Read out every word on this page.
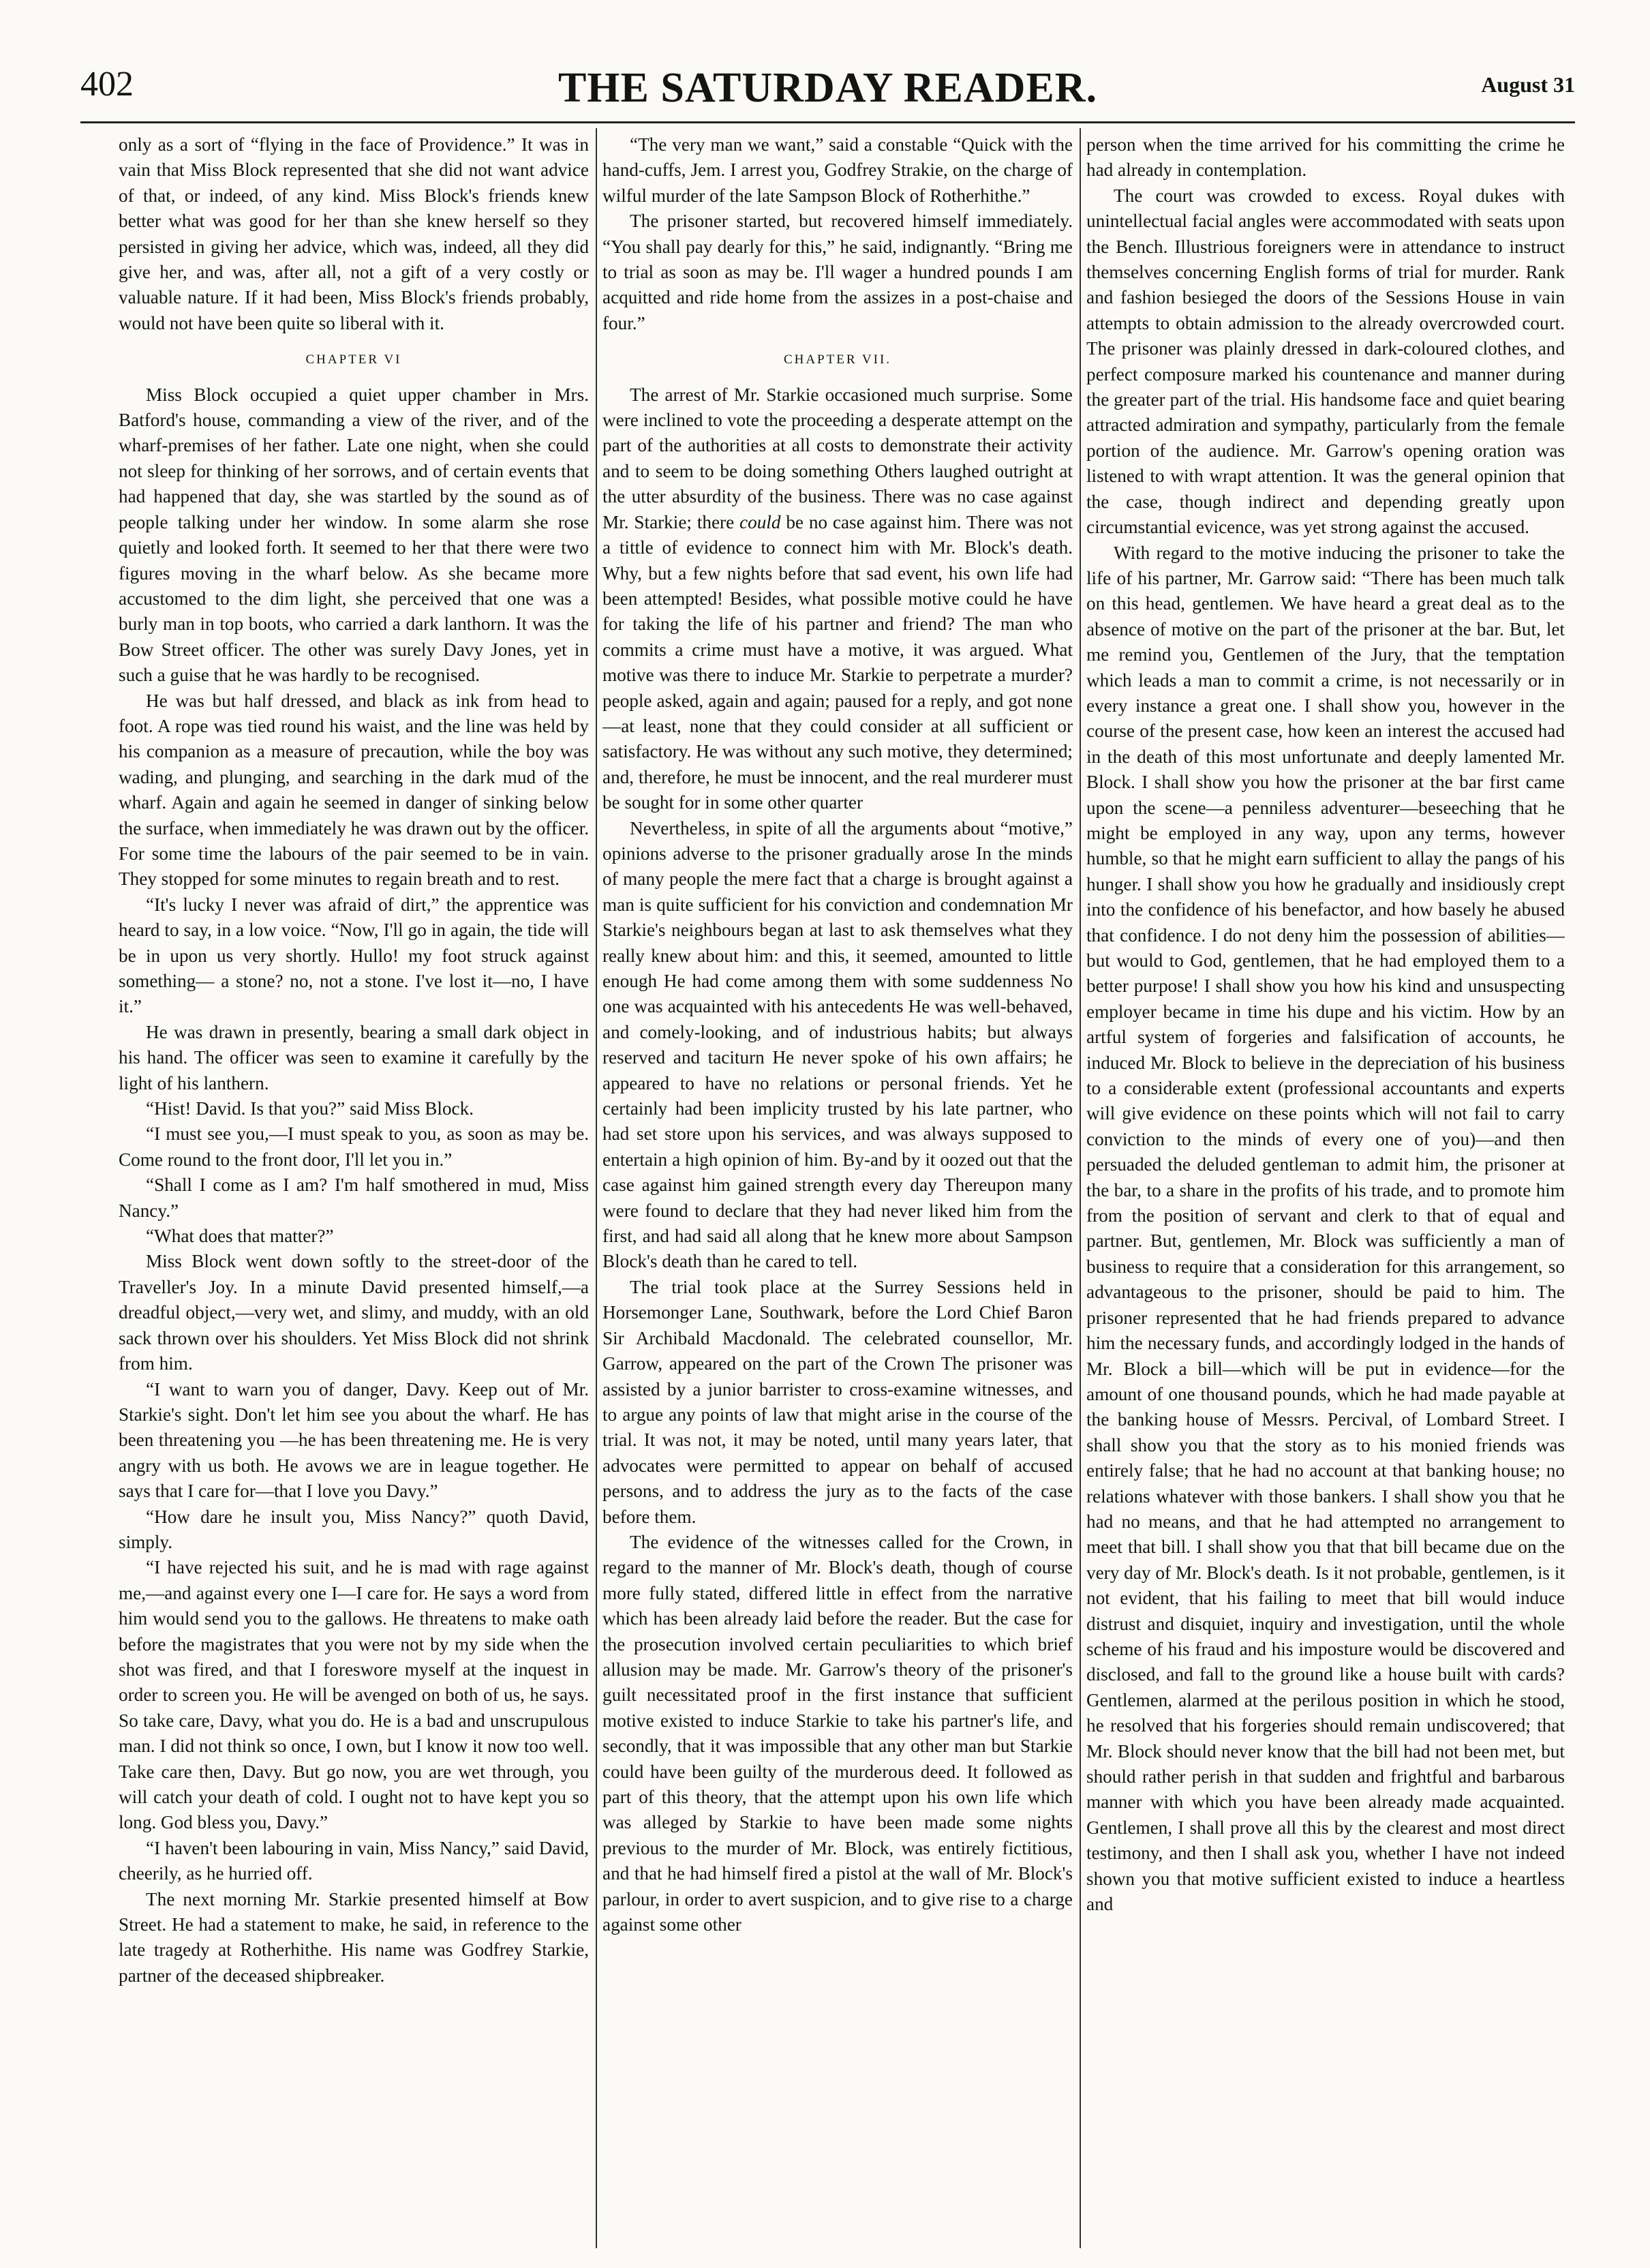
402	THE SATURDAY READER.	August 31

only as a sort of “flying in the face of Providence.” It was in vain that Miss Block represented that she did not want advice of that, or indeed, of any kind. Miss Block's friends knew better what was good for her than she knew herself so they persisted in giving her advice, which was, indeed, all they did give her, and was, after all, not a gift of a very costly or valuable nature. If it had been, Miss Block's friends probably, would not have been quite so liberal with it.

CHAPTER VI

Miss Block occupied a quiet upper chamber in Mrs. Batford's house, commanding a view of the river, and of the wharf-premises of her father. Late one night, when she could not sleep for thinking of her sorrows, and of certain events that had happened that day, she was startled by the sound as of people talking under her window. In some alarm she rose quietly and looked forth. It seemed to her that there were two figures moving in the wharf below. As she became more accustomed to the dim light, she perceived that one was a burly man in top boots, who carried a dark lanthorn. It was the Bow Street officer. The other was surely Davy Jones, yet in such a guise that he was hardly to be recognised.

He was but half dressed, and black as ink from head to foot. A rope was tied round his waist, and the line was held by his companion as a measure of precaution, while the boy was wading, and plunging, and searching in the dark mud of the wharf. Again and again he seemed in danger of sinking below the surface, when immediately he was drawn out by the officer. For some time the labours of the pair seemed to be in vain. They stopped for some minutes to regain breath and to rest.

“It's lucky I never was afraid of dirt,” the apprentice was heard to say, in a low voice. “Now, I'll go in again, the tide will be in upon us very shortly. Hullo! my foot struck against something— a stone? no, not a stone. I've lost it—no, I have it.”

He was drawn in presently, bearing a small dark object in his hand. The officer was seen to examine it carefully by the light of his lanthern.

“Hist! David. Is that you?” said Miss Block.

“I must see you,—I must speak to you, as soon as may be. Come round to the front door, I'll let you in.”

“Shall I come as I am? I'm half smothered in mud, Miss Nancy.”

“What does that matter?”

Miss Block went down softly to the street-door of the Traveller's Joy. In a minute David presented himself,—a dreadful object,—very wet, and slimy, and muddy, with an old sack thrown over his shoulders. Yet Miss Block did not shrink from him.

“I want to warn you of danger, Davy. Keep out of Mr. Starkie's sight. Don't let him see you about the wharf. He has been threatening you —he has been threatening me. He is very angry with us both. He avows we are in league together. He says that I care for—that I love you Davy.”

“How dare he insult you, Miss Nancy?” quoth David, simply.

“I have rejected his suit, and he is mad with rage against me,—and against every one I—I care for. He says a word from him would send you to the gallows. He threatens to make oath before the magistrates that you were not by my side when the shot was fired, and that I foreswore myself at the inquest in order to screen you. He will be avenged on both of us, he says. So take care, Davy, what you do. He is a bad and unscrupulous man. I did not think so once, I own, but I know it now too well. Take care then, Davy. But go now, you are wet through, you will catch your death of cold. I ought not to have kept you so long. God bless you, Davy.”

“I haven't been labouring in vain, Miss Nancy,” said David, cheerily, as he hurried off.

The next morning Mr. Starkie presented himself at Bow Street. He had a statement to make, he said, in reference to the late tragedy at Rotherhithe. His name was Godfrey Starkie, partner of the deceased shipbreaker.

“The very man we want,” said a constable “Quick with the hand-cuffs, Jem. I arrest you, Godfrey Strakie, on the charge of wilful murder of the late Sampson Block of Rotherhithe.”

The prisoner started, but recovered himself immediately. “You shall pay dearly for this,” he said, indignantly. “Bring me to trial as soon as may be. I'll wager a hundred pounds I am acquitted and ride home from the assizes in a post-chaise and four.”

CHAPTER VII.

The arrest of Mr. Starkie occasioned much surprise. Some were inclined to vote the proceeding a desperate attempt on the part of the authorities at all costs to demonstrate their activity and to seem to be doing something Others laughed outright at the utter absurdity of the business. There was no case against Mr. Starkie; there could be no case against him. There was not a tittle of evidence to connect him with Mr. Block's death. Why, but a few nights before that sad event, his own life had been attempted! Besides, what possible motive could he have for taking the life of his partner and friend? The man who commits a crime must have a motive, it was argued. What motive was there to induce Mr. Starkie to perpetrate a murder? people asked, again and again; paused for a reply, and got none—at least, none that they could consider at all sufficient or satisfactory. He was without any such motive, they determined; and, therefore, he must be innocent, and the real murderer must be sought for in some other quarter

Nevertheless, in spite of all the arguments about “motive,” opinions adverse to the prisoner gradually arose In the minds of many people the mere fact that a charge is brought against a man is quite sufficient for his conviction and condemnation Mr Starkie's neighbours began at last to ask themselves what they really knew about him: and this, it seemed, amounted to little enough He had come among them with some suddenness No one was acquainted with his antecedents He was well-behaved, and comely-looking, and of industrious habits; but always reserved and taciturn He never spoke of his own affairs; he appeared to have no relations or personal friends. Yet he certainly had been implicity trusted by his late partner, who had set store upon his services, and was always supposed to entertain a high opinion of him. By-and by it oozed out that the case against him gained strength every day Thereupon many were found to declare that they had never liked him from the first, and had said all along that he knew more about Sampson Block's death than he cared to tell.

The trial took place at the Surrey Sessions held in Horsemonger Lane, Southwark, before the Lord Chief Baron Sir Archibald Macdonald. The celebrated counsellor, Mr. Garrow, appeared on the part of the Crown The prisoner was assisted by a junior barrister to cross-examine witnesses, and to argue any points of law that might arise in the course of the trial. It was not, it may be noted, until many years later, that advocates were permitted to appear on behalf of accused persons, and to address the jury as to the facts of the case before them.

The evidence of the witnesses called for the Crown, in regard to the manner of Mr. Block's death, though of course more fully stated, differed little in effect from the narrative which has been already laid before the reader. But the case for the prosecution involved certain peculiarities to which brief allusion may be made. Mr. Garrow's theory of the prisoner's guilt necessitated proof in the first instance that sufficient motive existed to induce Starkie to take his partner's life, and secondly, that it was impossible that any other man but Starkie could have been guilty of the murderous deed. It followed as part of this theory, that the attempt upon his own life which was alleged by Starkie to have been made some nights previous to the murder of Mr. Block, was entirely fictitious, and that he had himself fired a pistol at the wall of Mr. Block's parlour, in order to avert suspicion, and to give rise to a charge against some other

person when the time arrived for his committing the crime he had already in contemplation.

The court was crowded to excess. Royal dukes with unintellectual facial angles were accommodated with seats upon the Bench. Illustrious foreigners were in attendance to instruct themselves concerning English forms of trial for murder. Rank and fashion besieged the doors of the Sessions House in vain attempts to obtain admission to the already overcrowded court. The prisoner was plainly dressed in dark-coloured clothes, and perfect composure marked his countenance and manner during the greater part of the trial. His handsome face and quiet bearing attracted admiration and sympathy, particularly from the female portion of the audience. Mr. Garrow's opening oration was listened to with wrapt attention. It was the general opinion that the case, though indirect and depending greatly upon circumstantial evicence, was yet strong against the accused.

With regard to the motive inducing the prisoner to take the life of his partner, Mr. Garrow said: “There has been much talk on this head, gentlemen. We have heard a great deal as to the absence of motive on the part of the prisoner at the bar. But, let me remind you, Gentlemen of the Jury, that the temptation which leads a man to commit a crime, is not necessarily or in every instance a great one. I shall show you, however in the course of the present case, how keen an interest the accused had in the death of this most unfortunate and deeply lamented Mr. Block. I shall show you how the prisoner at the bar first came upon the scene—a penniless adventurer—beseeching that he might be employed in any way, upon any terms, however humble, so that he might earn sufficient to allay the pangs of his hunger. I shall show you how he gradually and insidiously crept into the confidence of his benefactor, and how basely he abused that confidence. I do not deny him the possession of abilities—but would to God, gentlemen, that he had employed them to a better purpose! I shall show you how his kind and unsuspecting employer became in time his dupe and his victim. How by an artful system of forgeries and falsification of accounts, he induced Mr. Block to believe in the depreciation of his business to a considerable extent (professional accountants and experts will give evidence on these points which will not fail to carry conviction to the minds of every one of you)—and then persuaded the deluded gentleman to admit him, the prisoner at the bar, to a share in the profits of his trade, and to promote him from the position of servant and clerk to that of equal and partner. But, gentlemen, Mr. Block was sufficiently a man of business to require that a consideration for this arrangement, so advantageous to the prisoner, should be paid to him. The prisoner represented that he had friends prepared to advance him the necessary funds, and accordingly lodged in the hands of Mr. Block a bill—which will be put in evidence—for the amount of one thousand pounds, which he had made payable at the banking house of Messrs. Percival, of Lombard Street. I shall show you that the story as to his monied friends was entirely false; that he had no account at that banking house; no relations whatever with those bankers. I shall show you that he had no means, and that he had attempted no arrangement to meet that bill. I shall show you that that bill became due on the very day of Mr. Block's death. Is it not probable, gentlemen, is it not evident, that his failing to meet that bill would induce distrust and disquiet, inquiry and investigation, until the whole scheme of his fraud and his imposture would be discovered and disclosed, and fall to the ground like a house built with cards? Gentlemen, alarmed at the perilous position in which he stood, he resolved that his forgeries should remain undiscovered; that Mr. Block should never know that the bill had not been met, but should rather perish in that sudden and frightful and barbarous manner with which you have been already made acquainted. Gentlemen, I shall prove all this by the clearest and most direct testimony, and then I shall ask you, whether I have not indeed shown you that motive sufficient existed to induce a heartless and
